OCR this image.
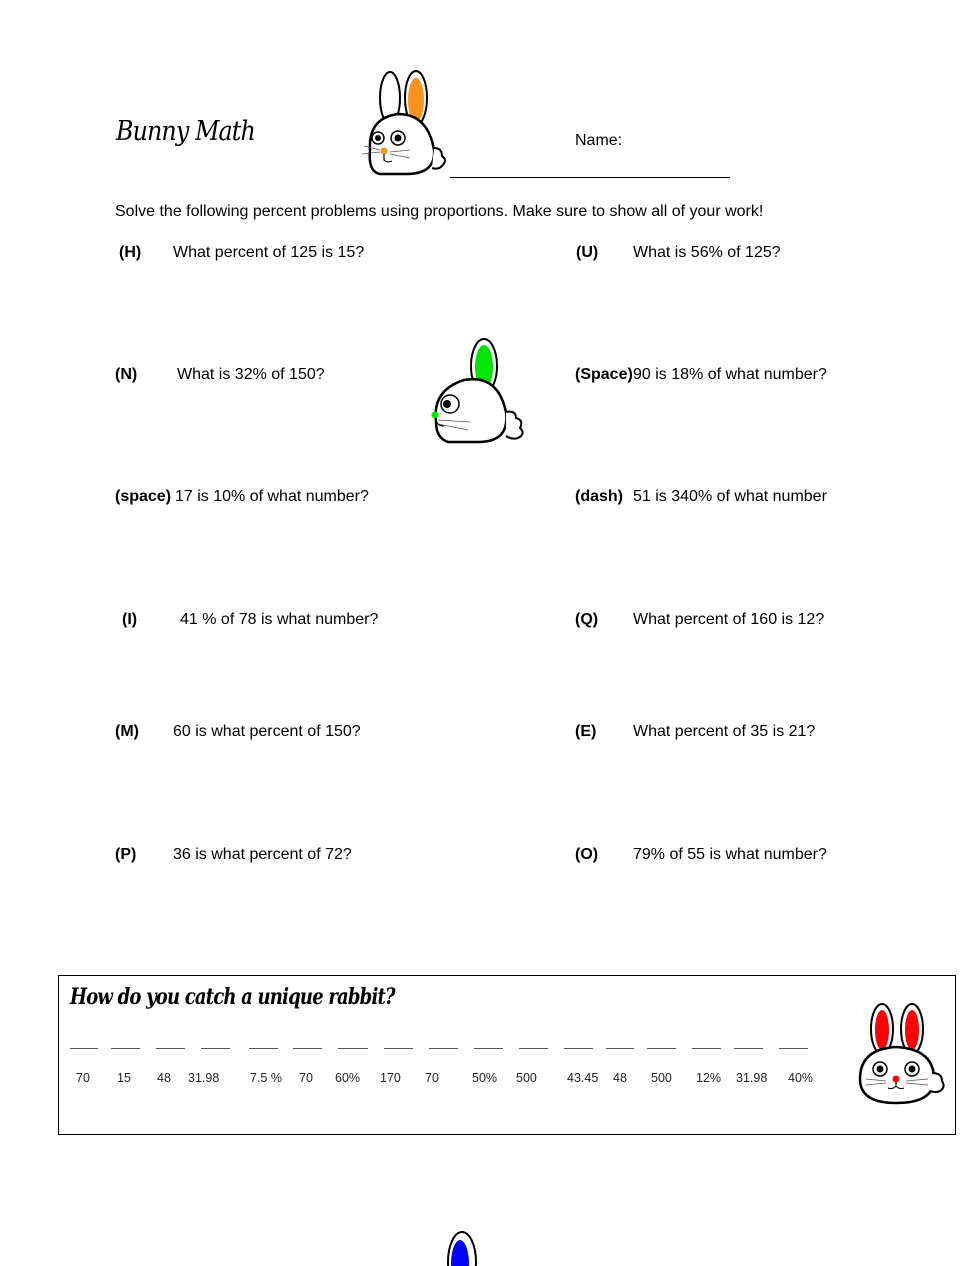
Bunny Math	Name:
Solve the following percent problems using proportions. Make sure to show all of your work!
(H) What percent of 125 is 15?	(U) What is 56% of 125?
(N) What is 32% of 150?	(Space) 90 is 18% of what number?
(space) 17 is 10% of what number?	(dash) 51 is 340% of what number
(I)	41 % of 78 is what number?	(Q) What percent of 160 is 12?
(M) 60 is what percent of 150?	(E) What percent of 35 is 21?
(P) 36 is what percent of 72?	(O) 79% of 55 is what number?
How do you catch a unique rabbit?
70 15 48 31.98 7.5 % 70 60% 170 70	50% 500 43.45 48 500 12% 31.98 40%
